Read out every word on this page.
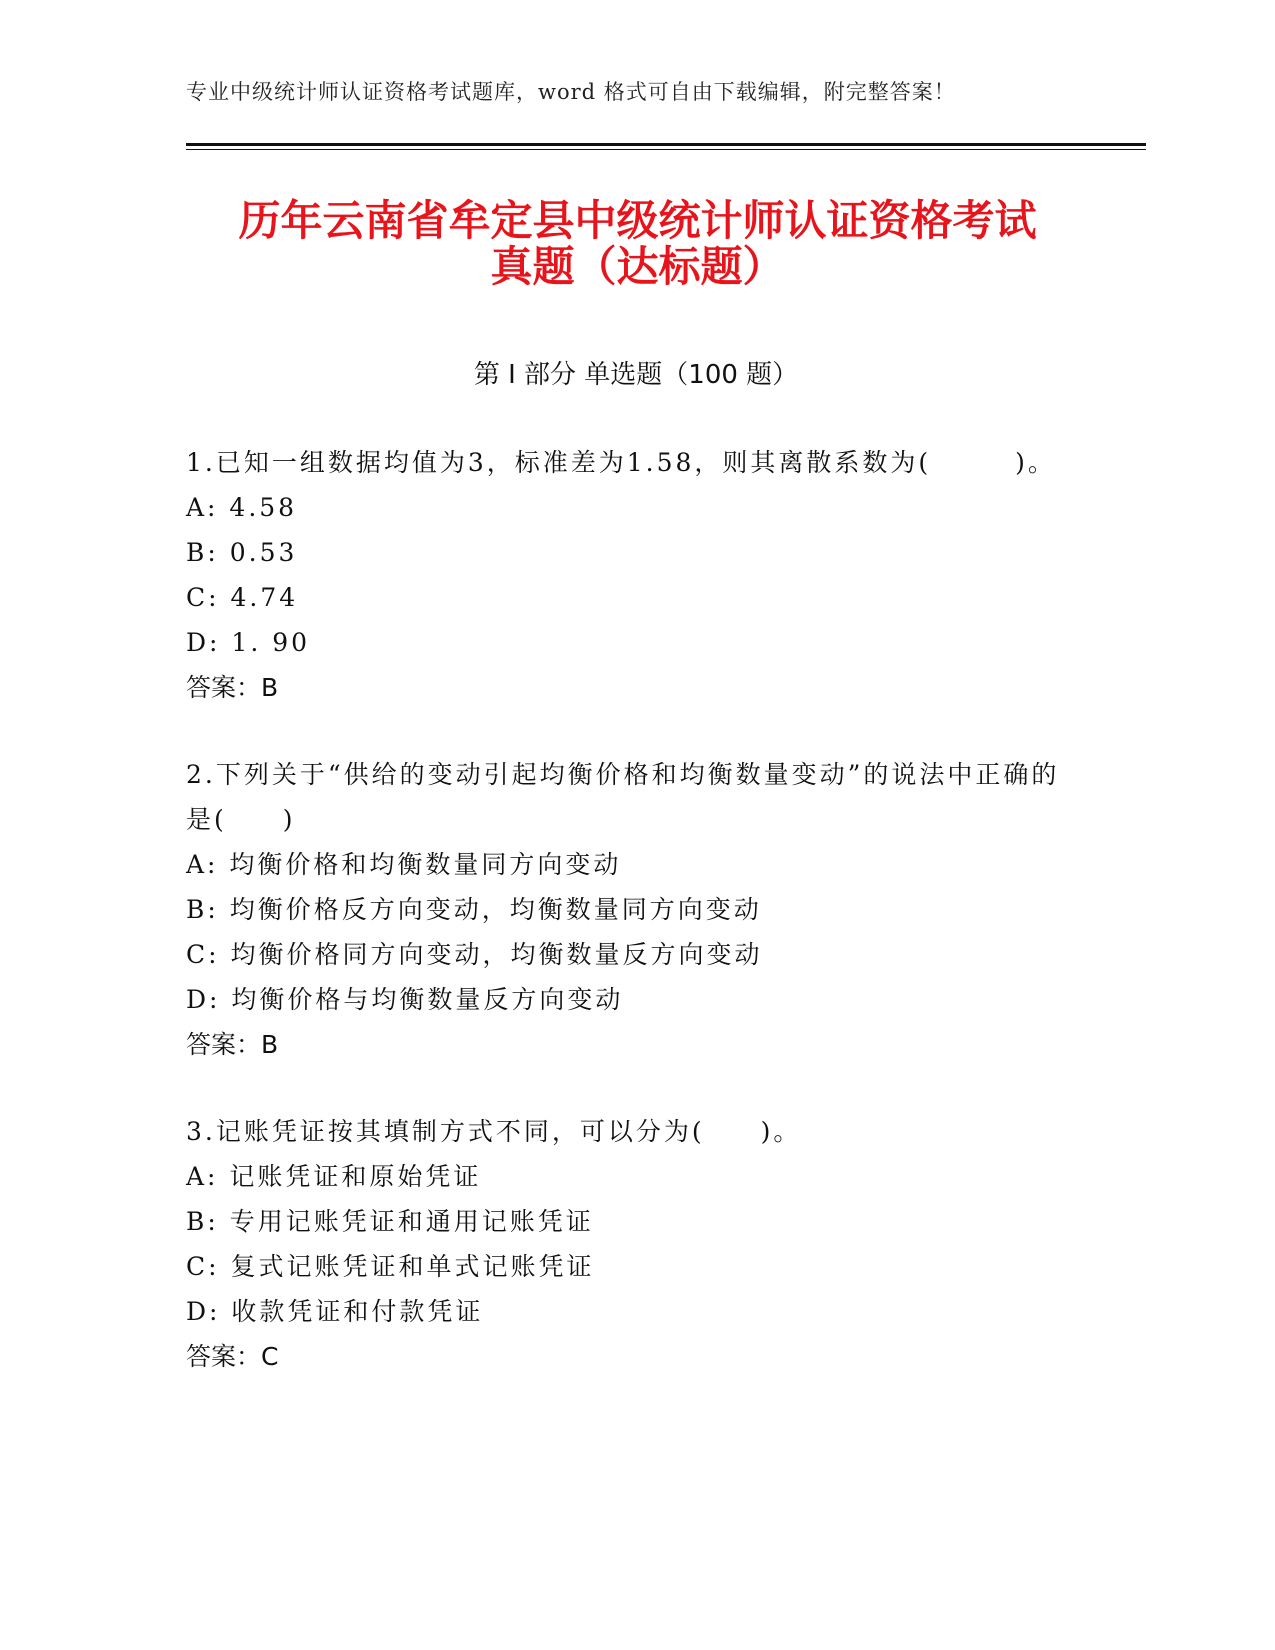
专业中级统计师认证资格考试题库，word 格式可自由下载编辑，附完整答案！
历年云南省牟定县中级统计师认证资格考试
真题（达标题）
第 I 部分 单选题（100 题）
1.已知一组数据均值为3，标准差为1.58，则其离散系数为(　　　)。
A: 4.58
B: 0.53
C: 4.74
D: 1. 90
答案：B
2.下列关于“供给的变动引起均衡价格和均衡数量变动”的说法中正确的是(　　)
A: 均衡价格和均衡数量同方向变动
B: 均衡价格反方向变动，均衡数量同方向变动
C: 均衡价格同方向变动，均衡数量反方向变动
D: 均衡价格与均衡数量反方向变动
答案：B
3.记账凭证按其填制方式不同，可以分为(　　)。
A: 记账凭证和原始凭证
B: 专用记账凭证和通用记账凭证
C: 复式记账凭证和单式记账凭证
D: 收款凭证和付款凭证
答案：C
